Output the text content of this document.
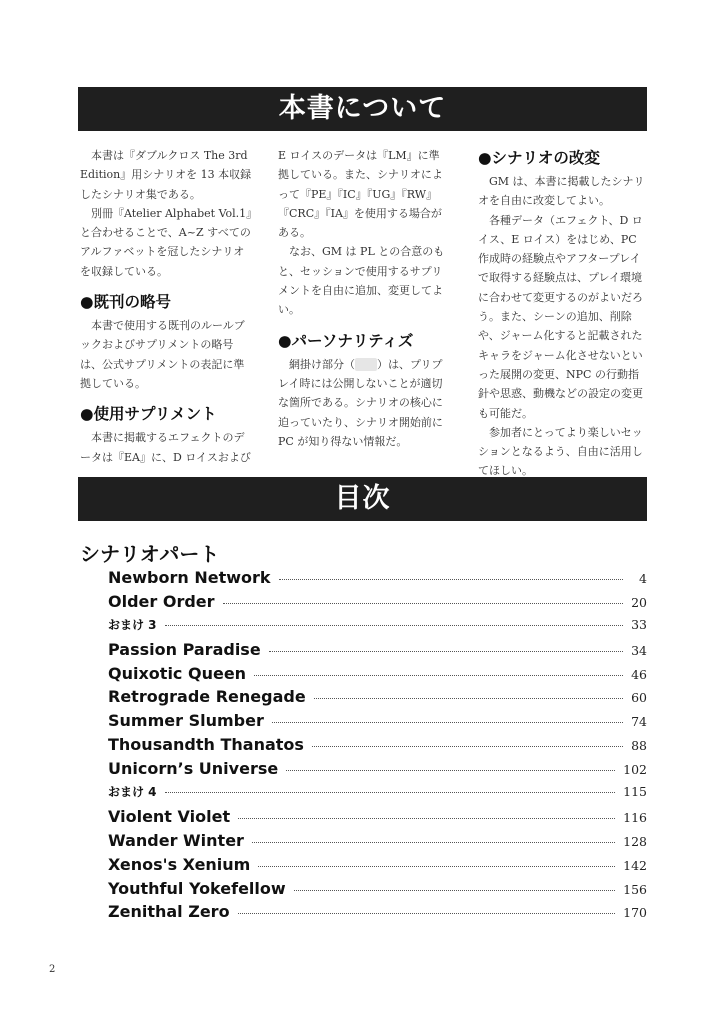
本書について

本書は『ダブルクロス The 3rd Edition』用シナリオを 13 本収録したシナリオ集である。

別冊『Atelier Alphabet Vol.1』と合わせることで、A~Z すべてのアルファベットを冠したシナリオを収録している。

●既刊の略号

本書で使用する既刊のルールブックおよびサプリメントの略号は、公式サプリメントの表記に準拠している。

●使用サプリメント

本書に掲載するエフェクトのデータは『EA』に、D ロイスおよび

E ロイスのデータは『LM』に準拠している。また、シナリオによって『PE』『IC』『UG』『RW』『CRC』『IA』を使用する場合がある。

なお、GM は PL との合意のもと、セッションで使用するサプリメントを自由に追加、変更してよい。

●パーソナリティズ

網掛け部分（ ）は、プリプレイ時には公開しないことが適切な箇所である。シナリオの核心に迫っていたり、シナリオ開始前に PC が知り得ない情報だ。

●シナリオの改変

GM は、本書に掲載したシナリオを自由に改変してよい。

各種データ（エフェクト、D ロイス、E ロイス）をはじめ、PC 作成時の経験点やアフタープレイで取得する経験点は、プレイ環境に合わせて変更するのがよいだろう。また、シーンの追加、削除や、ジャーム化すると記載されたキャラをジャーム化させないといった展開の変更、NPC の行動指針や思惑、動機などの設定の変更も可能だ。

参加者にとってより楽しいセッションとなるよう、自由に活用してほしい。

目次
シナリオパート
Newborn Network	4
Older Order	20
おまけ 3	33
Passion Paradise	34
Quixotic Queen	46
Retrograde Renegade	60
Summer Slumber	74
Thousandth Thanatos	88
Unicorn’s Universe	102
おまけ 4	115
Violent Violet	116
Wander Winter	128
Xenos's Xenium	142
Youthful Yokefellow	156
Zenithal Zero	170
2
